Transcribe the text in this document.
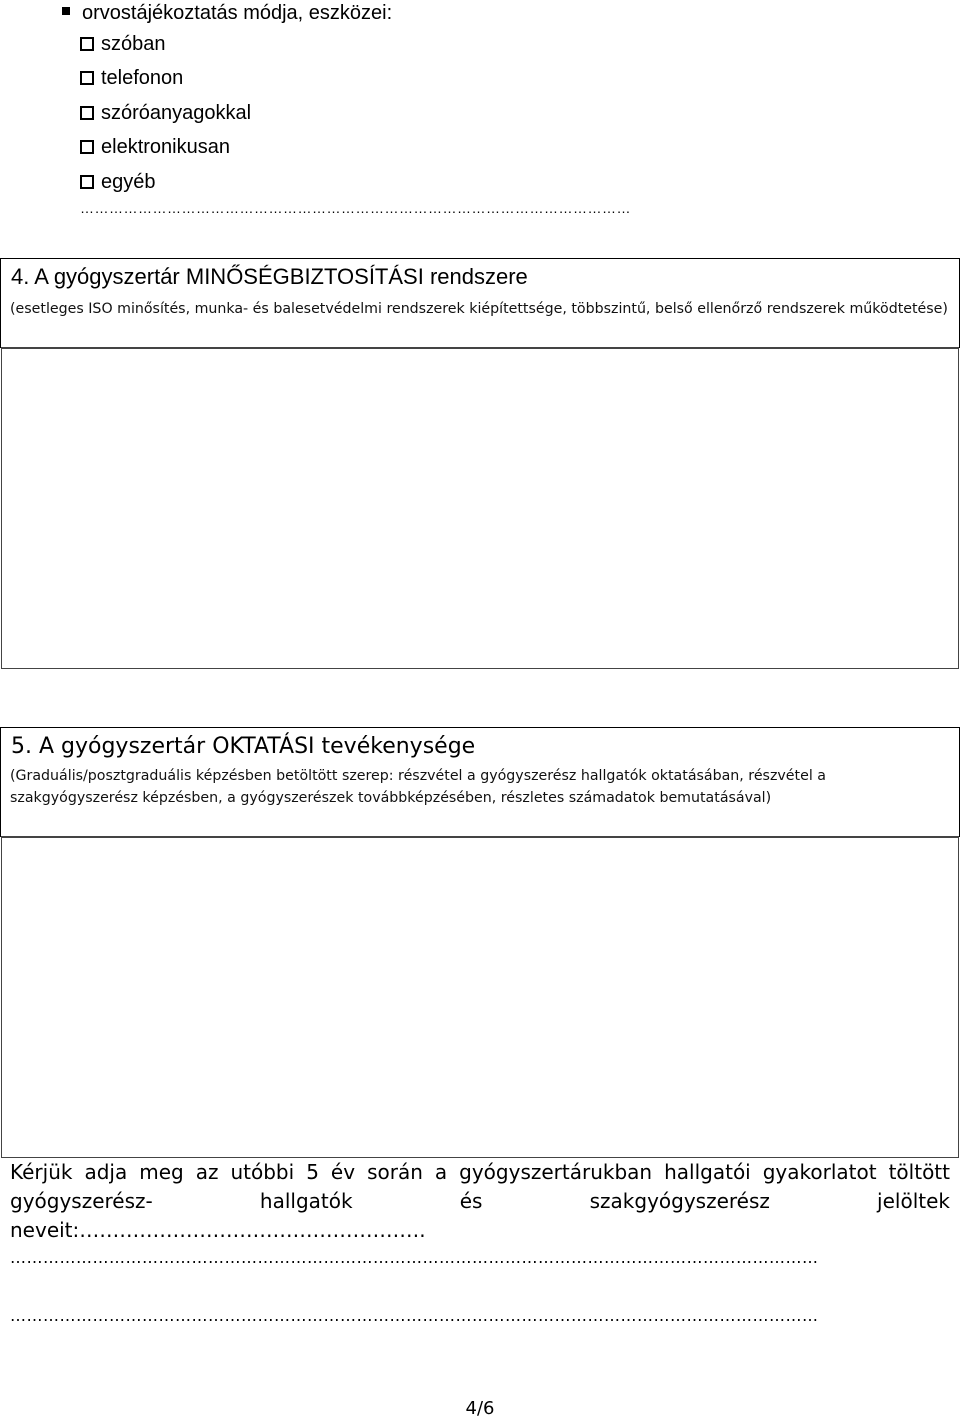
orvostájékoztatás módja, eszközei:
szóban
telefonon
szóróanyagokkal
elektronikusan
egyéb
……………………………………………………………………………………………………
4. A gyógyszertár MINŐSÉGBIZTOSÍTÁSI rendszere
(esetleges ISO minősítés, munka- és balesetvédelmi rendszerek kiépítettsége, többszintű, belső ellenőrző rendszerek működtetése)
5. A gyógyszertár OKTATÁSI tevékenysége
(Graduális/posztgraduális képzésben betöltött szerep: részvétel a gyógyszerész hallgatók oktatásában, részvétel a szakgyógyszerész képzésben, a gyógyszerészek továbbképzésében, részletes számadatok bemutatásával)
Kérjük adja meg az utóbbi 5 év során a gyógyszertárukban hallgatói gyakorlatot töltött gyógyszerész- hallgatók és szakgyógyszerész jelöltek neveit:…………………………………………….
…………………………………………………………………………………………………………………………………
…………………………………………………………………………………………………………………………………
4/6
